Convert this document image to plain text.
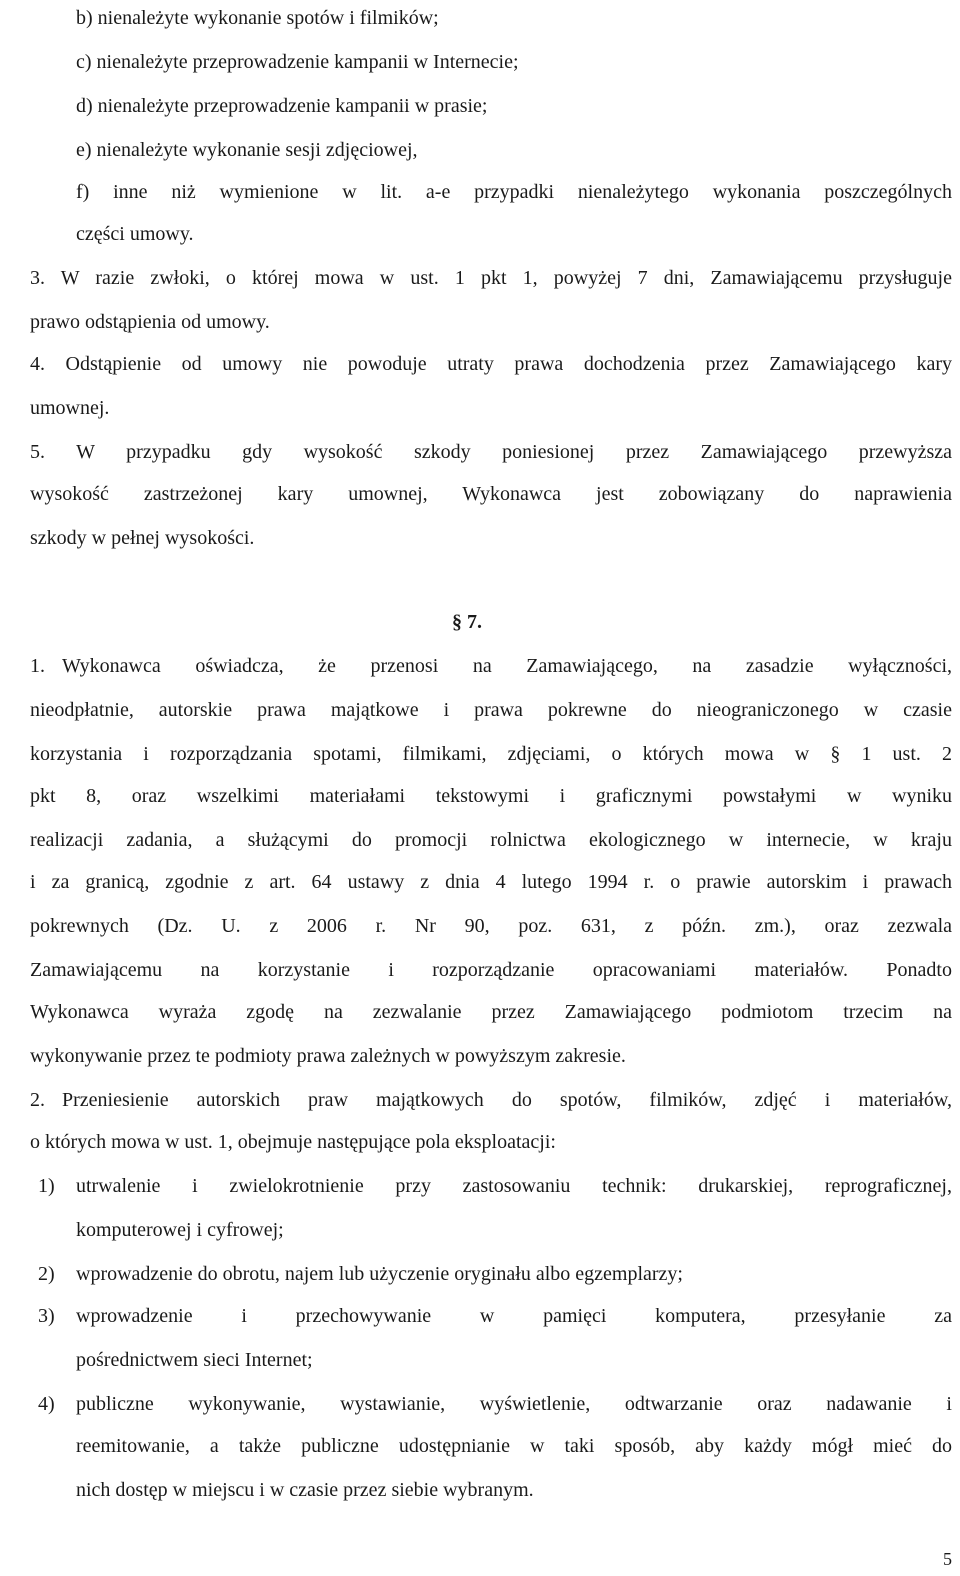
b) nienależyte wykonanie spotów i filmików;
c) nienależyte przeprowadzenie kampanii w Internecie;
d) nienależyte przeprowadzenie kampanii w prasie;
e) nienależyte wykonanie sesji zdjęciowej,
f) inne niż wymienione w lit. a-e przypadki nienależytego wykonania poszczególnych
części umowy.
3. W razie zwłoki, o której mowa w ust. 1 pkt 1, powyżej 7 dni, Zamawiającemu przysługuje
prawo odstąpienia od umowy.
4. Odstąpienie od umowy nie powoduje utraty prawa dochodzenia przez Zamawiającego kary
umownej.
5. W przypadku gdy wysokość szkody poniesionej przez Zamawiającego przewyższa
wysokość zastrzeżonej kary umownej, Wykonawca jest zobowiązany do naprawienia
szkody w pełnej wysokości.
§ 7.
1. Wykonawca oświadcza, że przenosi na Zamawiającego, na zasadzie wyłączności,
nieodpłatnie, autorskie prawa majątkowe i prawa pokrewne do nieograniczonego w czasie
korzystania i rozporządzania spotami, filmikami, zdjęciami, o których mowa w § 1 ust. 2
pkt 8, oraz wszelkimi materiałami tekstowymi i graficznymi powstałymi w wyniku
realizacji zadania, a służącymi do promocji rolnictwa ekologicznego w internecie, w kraju
i za granicą, zgodnie z art. 64 ustawy z dnia 4 lutego 1994 r. o prawie autorskim i prawach
pokrewnych (Dz. U. z 2006 r. Nr 90, poz. 631, z późn. zm.), oraz zezwala
Zamawiającemu na korzystanie i rozporządzanie opracowaniami materiałów. Ponadto
Wykonawca wyraża zgodę na zezwalanie przez Zamawiającego podmiotom trzecim na
wykonywanie przez te podmioty prawa zależnych w powyższym zakresie.
2. Przeniesienie autorskich praw majątkowych do spotów, filmików, zdjęć i materiałów,
o których mowa w ust. 1, obejmuje następujące pola eksploatacji:
1) utrwalenie i zwielokrotnienie przy zastosowaniu technik: drukarskiej, reprograficznej,
komputerowej i cyfrowej;
2) wprowadzenie do obrotu, najem lub użyczenie oryginału albo egzemplarzy;
3) wprowadzenie i przechowywanie w pamięci komputera, przesyłanie za
pośrednictwem sieci Internet;
4) publiczne wykonywanie, wystawianie, wyświetlenie, odtwarzanie oraz nadawanie i
reemitowanie, a także publiczne udostępnianie w taki sposób, aby każdy mógł mieć do
nich dostęp w miejscu i w czasie przez siebie wybranym.
5
